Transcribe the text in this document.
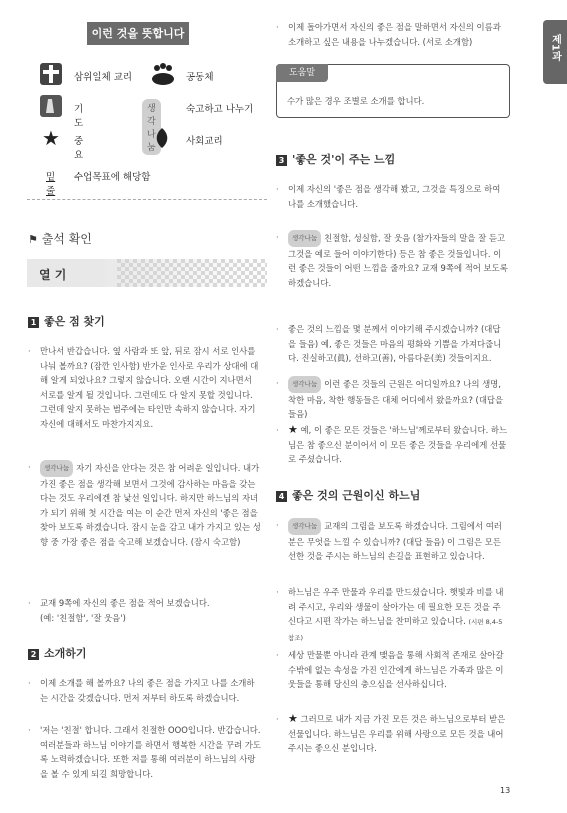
이런 것을 뜻합니다
삼위일체 교리	공동체
기도
생각나눔
숙고하고 나누기
★ 중요
사회교리
밑줄
수업목표에 해당함
⚑ 출석 확인
열 기
1 좋은 점 찾기
· 만나서 반갑습니다. 옆 사람과 또 앞, 뒤로 잠시 서로 인사를 나눠 볼까요? (잠깐 인사함) 반가운 인사로 우리가 상대에 대해 알게 되었나요? 그렇지 않습니다. 오랜 시간이 지나면서 서로를 알게 될 것입니다. 그런데도 다 알지 못할 것입니다. 그런데 알지 못하는 범주에는 타인만 속하지 않습니다. 자기 자신에 대해서도 마찬가지지요.
· 생각나눔 자기 자신을 안다는 것은 참 어려운 일입니다. 내가 가진 좋은 점을 생각해 보면서 그것에 감사하는 마음을 갖는다는 것도 우리에겐 참 낯선 일입니다. 하지만 하느님의 자녀가 되기 위해 첫 시간을 여는 이 순간 먼저 자신의 '좋은 점을 찾아 보도록 하겠습니다. 잠시 눈을 감고 내가 가지고 있는 성향 중 가장 좋은 점을 숙고해 보겠습니다. (잠시 숙고함)
· 교재 9쪽에 자신의 좋은 점을 적어 보겠습니다.
(예: '친절함', '잘 웃음')
2 소개하기
· 이제 소개를 해 볼까요? 나의 좋은 점을 가지고 나를 소개하는 시간을 갖겠습니다. 먼저 저부터 하도록 하겠습니다.
· '저는 '친절' 합니다. 그래서 친절한 OOO입니다. 반갑습니다. 여러분들과 하느님 이야기를 하면서 행복한 시간을 꾸려 가도록 노력하겠습니다. 또한 저를 통해 여러분이 하느님의 사랑을 볼 수 있게 되길 희망합니다.
· 이제 돌아가면서 자신의 좋은 점을 말하면서 자신의 이름과 소개하고 싶은 내용을 나누겠습니다. (서로 소개함)
도움말
수가 많은 경우 조별로 소개를 합니다.
3 '좋은 것'이 주는 느낌
· 이제 자신의 '좋은 점을 생각해 봤고, 그것을 특징으로 하여 나를 소개했습니다.
· 생각나눔 친절함, 성실함, 잘 웃음 (참가자들의 말을 잘 듣고 그것을 예로 들어 이야기한다) 등은 참 좋은 것들입니다. 이런 좋은 것들이 어떤 느낌을 줄까요? 교재 9쪽에 적어 보도록 하겠습니다.
· 좋은 것의 느낌을 몇 분께서 이야기해 주시겠습니까? (대답을 들음) 예, 좋은 것들은 마음의 평화와 기쁨을 가져다줍니다. 진실하고(眞), 선하고(善), 아름다운(美) 것들이지요.
· 생각나눔 이런 좋은 것들의 근원은 어디일까요? 나의 생명, 착한 마음, 착한 행동들은 대체 어디에서 왔을까요? (대답을 들음)
· ★ 예, 이 좋은 모든 것들은 '하느님'께로부터 왔습니다. 하느님은 참 좋으신 분이어서 이 모든 좋은 것들을 우리에게 선물로 주셨습니다.
4 좋은 것의 근원이신 하느님
· 생각나눔 교재의 그림을 보도록 하겠습니다. 그림에서 여러분은 무엇을 느낄 수 있습니까? (대답 들음) 이 그림은 모든 선한 것을 주시는 하느님의 손길을 표현하고 있습니다.
· 하느님은 우주 만물과 우리를 만드셨습니다. 햇빛과 비를 내려 주시고, 우리와 생물이 살아가는 데 필요한 모든 것을 주신다고 시편 작가는 하느님을 찬미하고 있습니다. (시편 8,4-5 참조)
· 세상 만물뿐 아니라 관계 맺음을 통해 사회적 존재로 살아갈 수밖에 없는 속성을 가진 인간에게 하느님은 가족과 많은 이웃들을 통해 당신의 충으심을 선사하십니다.
· ★ 그러므로 내가 지금 가진 모든 것은 하느님으로부터 받은 선물입니다. 하느님은 우리를 위해 사랑으로 모든 것을 내어 주시는 좋으신 분입니다.
제1과
13
